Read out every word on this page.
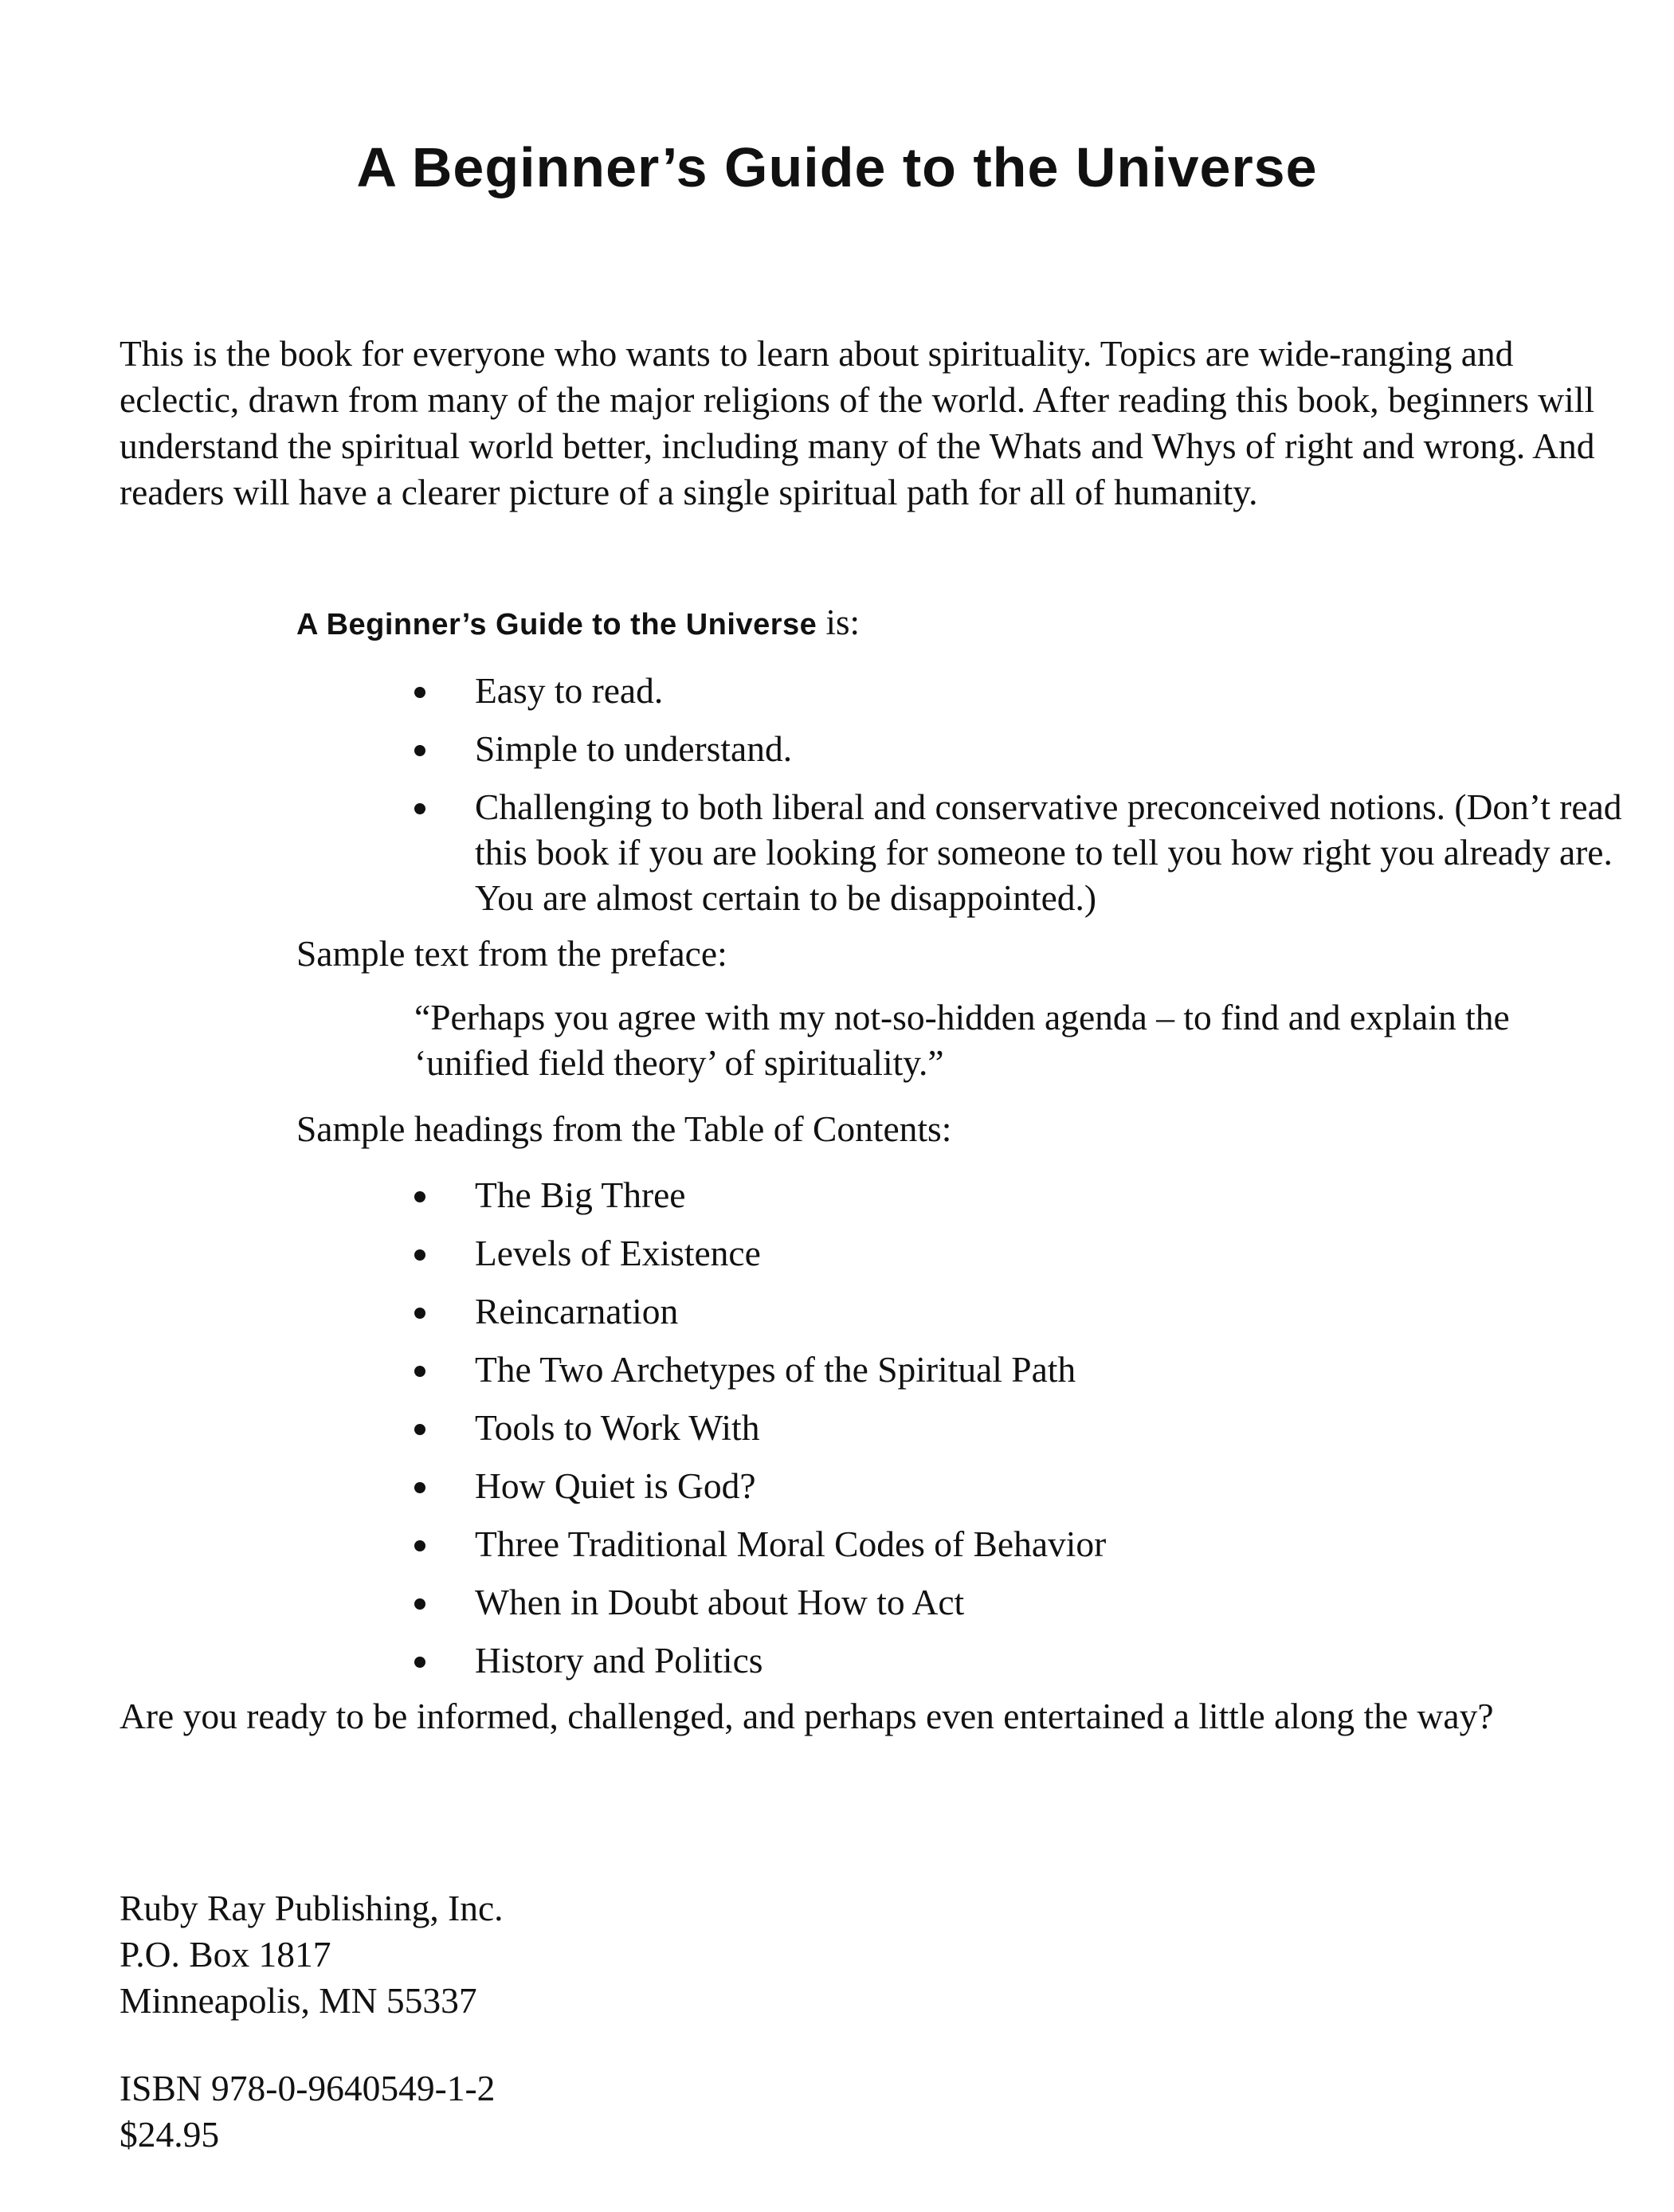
A Beginner’s Guide to the Universe

This is the book for everyone who wants to learn about spirituality. Topics are wide-ranging and eclectic, drawn from many of the major religions of the world. After reading this book, beginners will understand the spiritual world better, including many of the Whats and Whys of right and wrong. And readers will have a clearer picture of a single spiritual path for all of humanity.

A Beginner’s Guide to the Universe is:
Easy to read.
Simple to understand.
Challenging to both liberal and conservative preconceived notions. (Don’t read this book if you are looking for someone to tell you how right you already are. You are almost certain to be disappointed.)
Sample text from the preface:

“Perhaps you agree with my not-so-hidden agenda – to find and explain the ‘unified field theory’ of spirituality.”

Sample headings from the Table of Contents:
The Big Three
Levels of Existence
Reincarnation
The Two Archetypes of the Spiritual Path
Tools to Work With
How Quiet is God?
Three Traditional Moral Codes of Behavior
When in Doubt about How to Act
History and Politics

Are you ready to be informed, challenged, and perhaps even entertained a little along the way?

Ruby Ray Publishing, Inc.
P.O. Box 1817
Minneapolis, MN 55337
ISBN 978-0-9640549-1-2
$24.95
